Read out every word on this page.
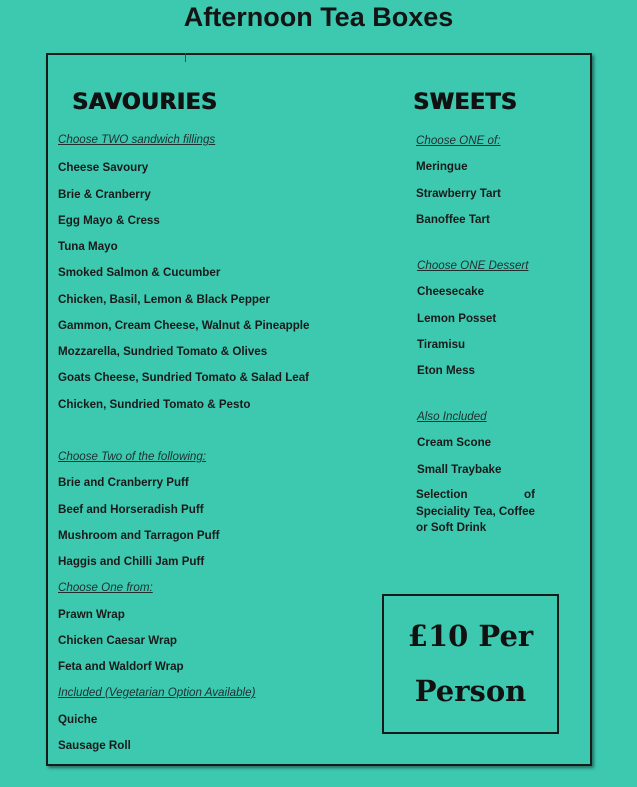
Afternoon Tea Boxes
SAVOURIES
Choose TWO sandwich fillings
Cheese Savoury
Brie & Cranberry
Egg Mayo & Cress
Tuna Mayo
Smoked Salmon & Cucumber
Chicken, Basil, Lemon & Black Pepper
Gammon, Cream Cheese, Walnut & Pineapple
Mozzarella, Sundried Tomato & Olives
Goats Cheese, Sundried Tomato & Salad Leaf
Chicken, Sundried Tomato & Pesto
Choose Two of the following:
Brie and Cranberry Puff
Beef and Horseradish Puff
Mushroom and Tarragon Puff
Haggis and Chilli Jam Puff
Choose One from:
Prawn Wrap
Chicken Caesar Wrap
Feta and Waldorf Wrap
Included (Vegetarian Option Available)
Quiche
Sausage Roll
SWEETS
Choose ONE of:
Meringue
Strawberry Tart
Banoffee Tart
Choose ONE Dessert
Cheesecake
Lemon Posset
Tiramisu
Eton Mess
Also Included
Cream Scone
Small Traybake
Selection of Speciality Tea, Coffee or Soft Drink
£10 Per
Person
